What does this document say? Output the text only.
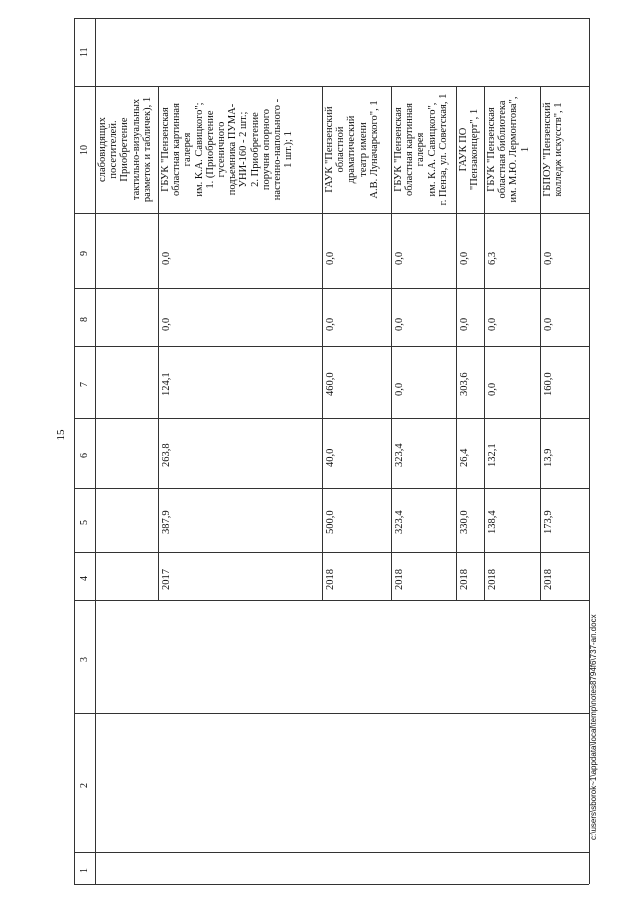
15
1
2
3
4
5
6
7
8
9
10
11
слабовидящих посетителей. Приобретение тактильно-визуальных разметок и табличек), 1
0,0
0,0
124,1
263,8
387,9
2017
ГБУК "Пензенская областная картинная галерея им. К.А. Савицкого"; 1. (Приобретение гусеничного подъемника ПУМА- УНИ-160 - 2 шт.; 2. Приобретение поручня опорного настенно-напольного - 1 шт.); 1
0,0
0,0
460,0
40,0
500,0
2018
ГАУК "Пензенский областной драматический театр имени А.В. Луначарского", 1
0,0
0,0
0,0
323,4
323,4
2018
ГБУК "Пензенская областная картинная галерея им. К.А. Савицкого", г. Пенза, ул. Советская, 1
0,0
0,0
303,6
26,4
330,0
2018
ГАУК ПО "Пензаконцерт", 1
6,3
0,0
0,0
132,1
138,4
2018
ГБУК "Пензенская областная библиотека им. М.Ю. Лермонтова", 1
0,0
0,0
160,0
13,9
173,9
2018
ГБПОУ "Пензенский колледж искусств", 1
c:\users\sborok~1\appdata\local\temp\notes8794f6\737-ап.docx
